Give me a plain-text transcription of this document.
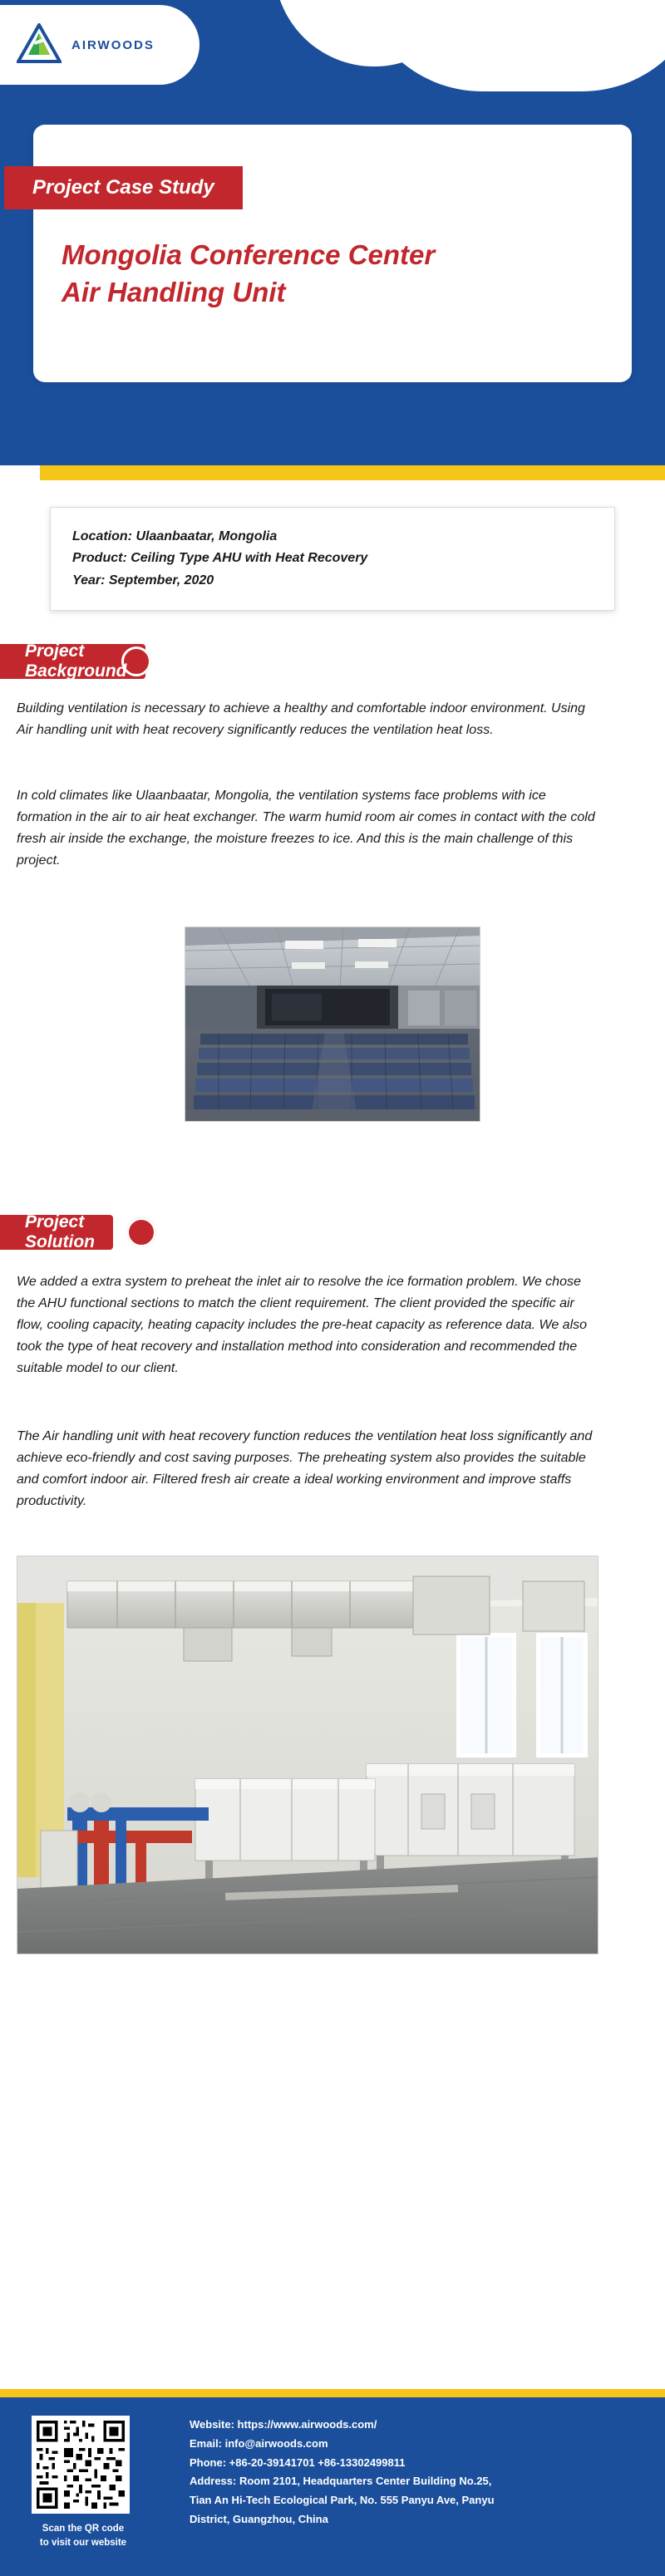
AIRWOODS
Project Case Study
Mongolia Conference Center
Air Handling Unit
Location: Ulaanbaatar, Mongolia
Product: Ceiling Type AHU with Heat Recovery
Year: September, 2020
Project Background
Building ventilation is necessary to achieve a healthy and comfortable indoor environment. Using Air handling unit with heat recovery significantly reduces the ventilation heat loss.
In cold climates like Ulaanbaatar, Mongolia, the ventilation systems face problems with ice formation in the air to air heat exchanger. The warm humid room air comes in contact with the cold fresh air inside the exchange, the moisture freezes to ice. And this is the main challenge of this project.
Project Solution
We added a extra system to preheat the inlet air to resolve the ice formation problem. We chose the AHU functional sections to match the client requirement. The client provided the specific air flow, cooling capacity, heating capacity includes the pre-heat capacity as reference data. We also took the type of heat recovery and installation method into consideration and recommended the suitable model to our client.
The Air handling unit with heat recovery function reduces the ventilation heat loss significantly and achieve eco-friendly and cost saving purposes. The preheating system also provides the suitable and comfort indoor air. Filtered fresh air create a ideal working environment and improve staffs productivity.
Scan the QR code
to visit our website
Website: https://www.airwoods.com/
Email: info@airwoods.com
Phone: +86-20-39141701 +86-13302499811
Address: Room 2101, Headquarters Center Building No.25,
Tian An Hi-Tech Ecological Park, No. 555 Panyu Ave, Panyu
District, Guangzhou, China
